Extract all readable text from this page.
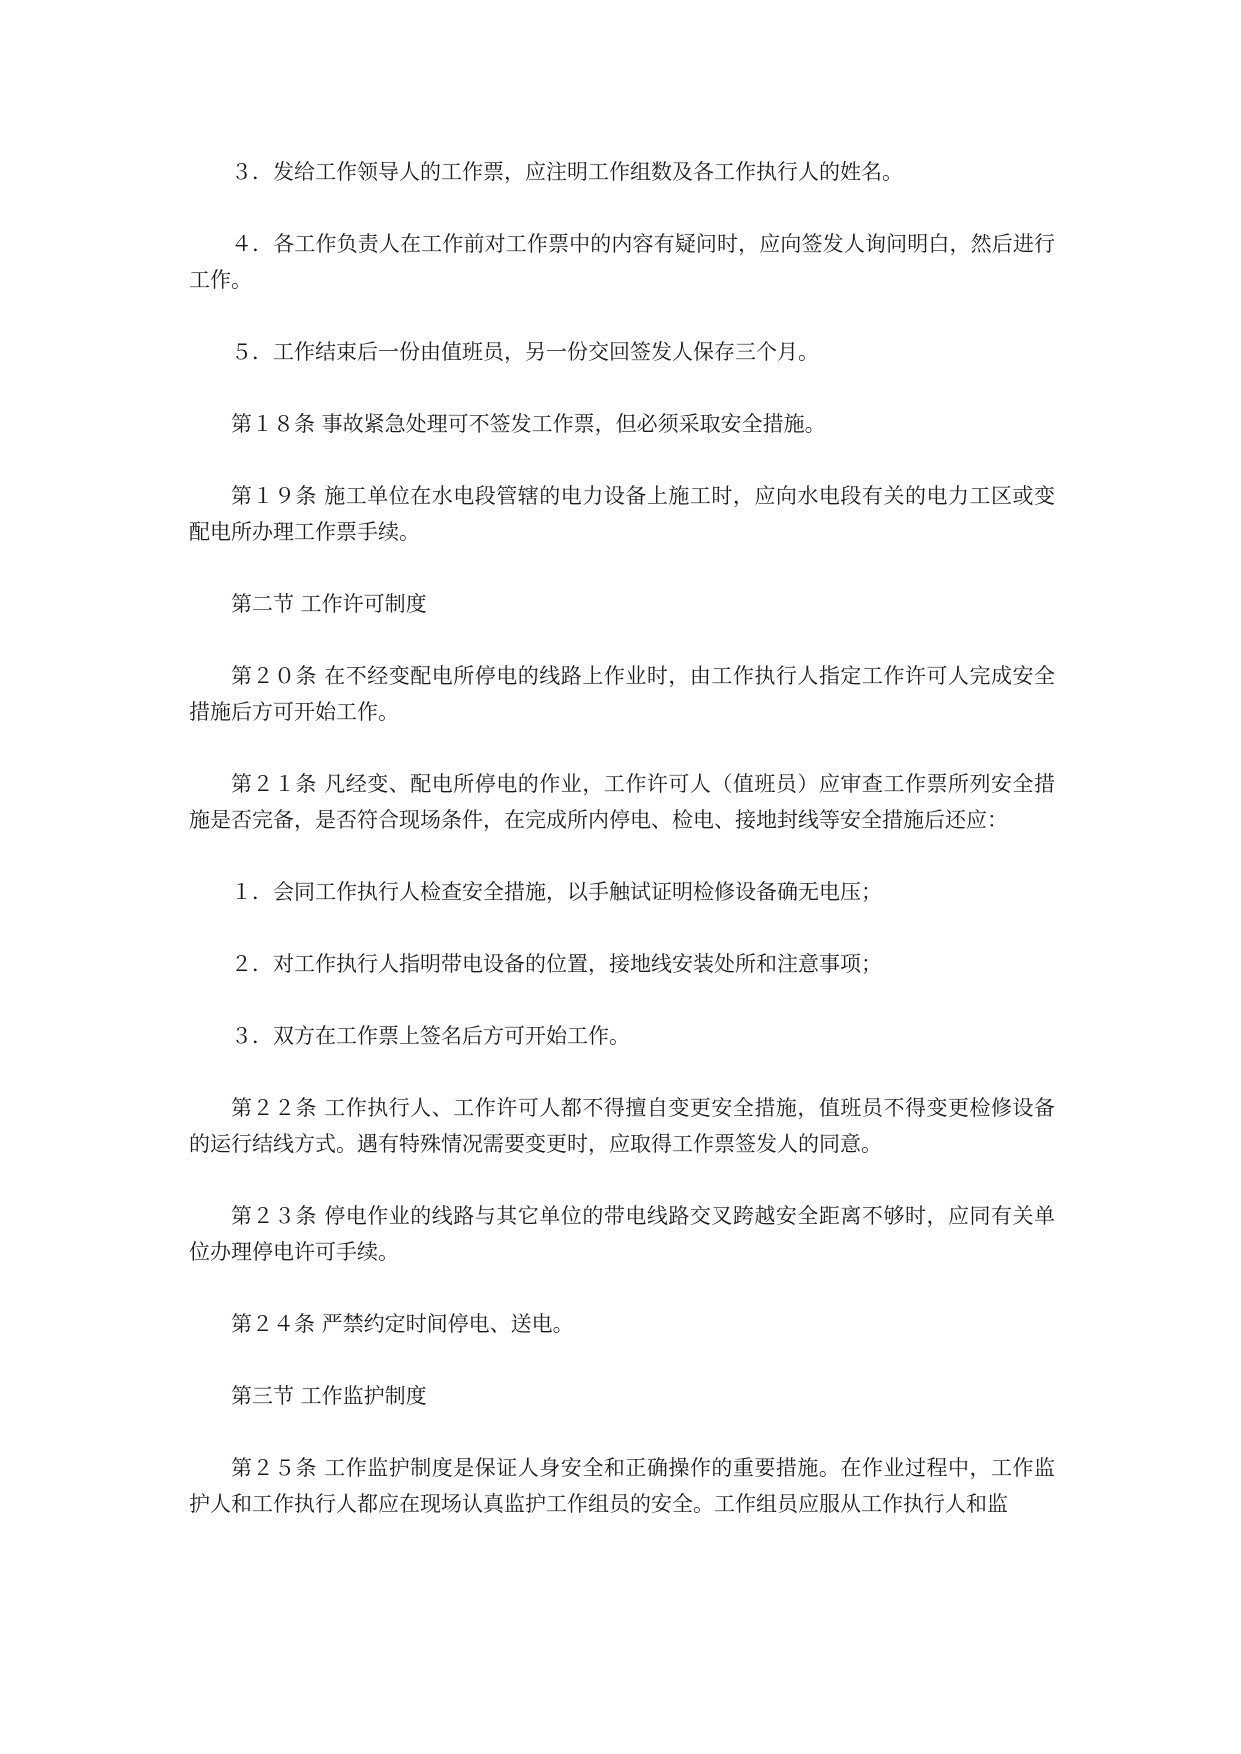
３．发给工作领导人的工作票，应注明工作组数及各工作执行人的姓名。

４．各工作负责人在工作前对工作票中的内容有疑问时，应向签发人询问明白，然后进行工作。

５．工作结束后一份由值班员，另一份交回签发人保存三个月。

第１８条 事故紧急处理可不签发工作票，但必须采取安全措施。

第１９条 施工单位在水电段管辖的电力设备上施工时，应向水电段有关的电力工区或变配电所办理工作票手续。

第二节 工作许可制度

第２０条 在不经变配电所停电的线路上作业时，由工作执行人指定工作许可人完成安全措施后方可开始工作。

第２１条 凡经变、配电所停电的作业，工作许可人（值班员）应审查工作票所列安全措施是否完备，是否符合现场条件，在完成所内停电、检电、接地封线等安全措施后还应：

１．会同工作执行人检查安全措施，以手触试证明检修设备确无电压；

２．对工作执行人指明带电设备的位置，接地线安装处所和注意事项；

３．双方在工作票上签名后方可开始工作。

第２２条 工作执行人、工作许可人都不得擅自变更安全措施，值班员不得变更检修设备的运行结线方式。遇有特殊情况需要变更时，应取得工作票签发人的同意。

第２３条 停电作业的线路与其它单位的带电线路交叉跨越安全距离不够时，应同有关单位办理停电许可手续。

第２４条 严禁约定时间停电、送电。

第三节 工作监护制度

第２５条 工作监护制度是保证人身安全和正确操作的重要措施。在作业过程中，工作监护人和工作执行人都应在现场认真监护工作组员的安全。工作组员应服从工作执行人和监
